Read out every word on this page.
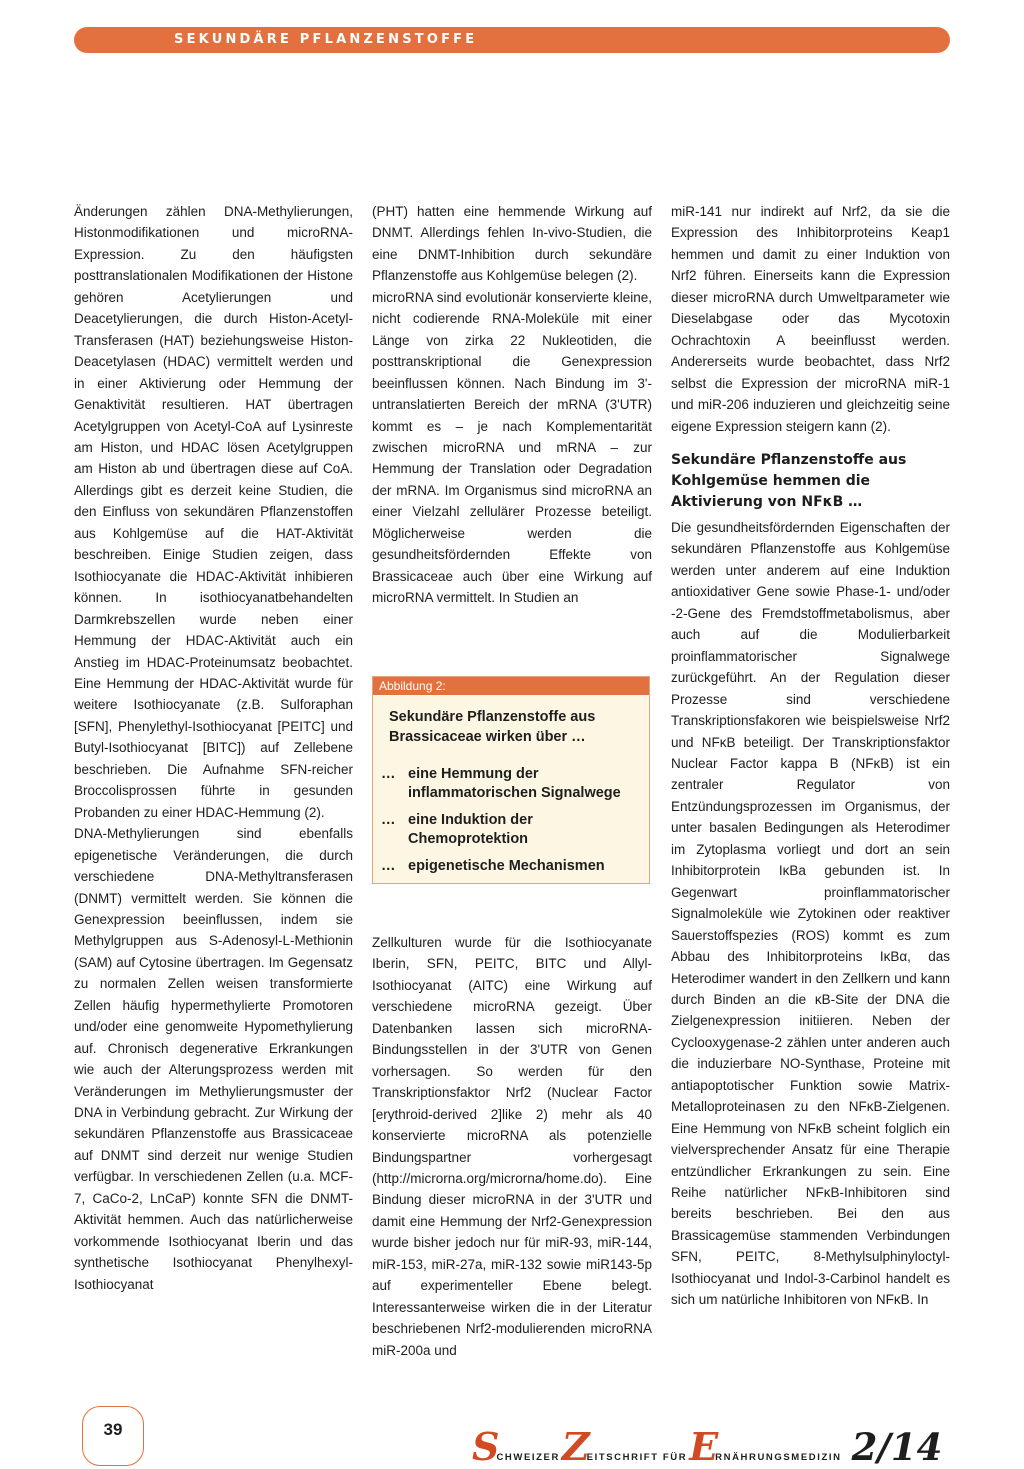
SEKUNDÄRE PFLANZENSTOFFE

Änderungen zählen DNA-Methylierungen, Histonmodifikationen und microRNA-Expression. Zu den häufigsten posttranslationalen Modifikationen der Histone gehören Acetylierungen und Deacetylierungen, die durch Histon-Acetyl-Transferasen (HAT) beziehungsweise Histon-Deacetylasen (HDAC) vermittelt werden und in einer Aktivierung oder Hemmung der Genaktivität resultieren. HAT übertragen Acetylgruppen von Acetyl-CoA auf Lysinreste am Histon, und HDAC lösen Acetylgruppen am Histon ab und übertragen diese auf CoA. Allerdings gibt es derzeit keine Studien, die den Einfluss von sekundären Pflanzenstoffen aus Kohlgemüse auf die HAT-Aktivität beschreiben. Einige Studien zeigen, dass Isothiocyanate die HDAC-Aktivität inhibieren können. In isothiocyanatbehandelten Darmkrebszellen wurde neben einer Hemmung der HDAC-Aktivität auch ein Anstieg im HDAC-Proteinumsatz beobachtet. Eine Hemmung der HDAC-Aktivität wurde für weitere Isothiocyanate (z.B. Sulforaphan [SFN], Phenylethyl-Isothiocyanat [PEITC] und Butyl-Isothiocyanat [BITC]) auf Zellebene beschrieben. Die Aufnahme SFN-reicher Broccolisprossen führte in gesunden Probanden zu einer HDAC-Hemmung (2).

DNA-Methylierungen sind ebenfalls epigenetische Veränderungen, die durch verschiedene DNA-Methyltransferasen (DNMT) vermittelt werden. Sie können die Genexpression beeinflussen, indem sie Methylgruppen aus S-Adenosyl-L-Methionin (SAM) auf Cytosine übertragen. Im Gegensatz zu normalen Zellen weisen transformierte Zellen häufig hypermethylierte Promotoren und/oder eine genomweite Hypomethylierung auf. Chronisch degenerative Erkrankungen wie auch der Alterungsprozess werden mit Veränderungen im Methylierungsmuster der DNA in Verbindung gebracht. Zur Wirkung der sekundären Pflanzenstoffe aus Brassicaceae auf DNMT sind derzeit nur wenige Studien verfügbar. In verschiedenen Zellen (u.a. MCF-7, CaCo-2, LnCaP) konnte SFN die DNMT-Aktivität hemmen. Auch das natürlicherweise vorkommende Isothiocyanat Iberin und das synthetische Isothiocyanat Phenylhexyl-Isothiocyanat

(PHT) hatten eine hemmende Wirkung auf DNMT. Allerdings fehlen In-vivo-Studien, die eine DNMT-Inhibition durch sekundäre Pflanzenstoffe aus Kohlgemüse belegen (2).

microRNA sind evolutionär konservierte kleine, nicht codierende RNA-Moleküle mit einer Länge von zirka 22 Nukleotiden, die posttranskriptional die Genexpression beeinflussen können. Nach Bindung im 3'-untranslatierten Bereich der mRNA (3'UTR) kommt es – je nach Komplementarität zwischen microRNA und mRNA – zur Hemmung der Translation oder Degradation der mRNA. Im Organismus sind microRNA an einer Vielzahl zellulärer Prozesse beteiligt. Möglicherweise werden die gesundheitsfördernden Effekte von Brassicaceae auch über eine Wirkung auf microRNA vermittelt. In Studien an

Abbildung 2:
Sekundäre Pflanzenstoffe aus Brassicaceae wirken über …
… eine Hemmung der inflammatorischen Signalwege
… eine Induktion der Chemoprotektion
… epigenetische Mechanismen

Zellkulturen wurde für die Isothiocyanate Iberin, SFN, PEITC, BITC und Allyl-Isothiocyanat (AITC) eine Wirkung auf verschiedene microRNA gezeigt. Über Datenbanken lassen sich microRNA-Bindungsstellen in der 3'UTR von Genen vorhersagen. So werden für den Transkriptionsfaktor Nrf2 (Nuclear Factor [erythroid-derived 2]like 2) mehr als 40 konservierte microRNA als potenzielle Bindungspartner vorhergesagt (http://microrna.org/microrna/home.do). Eine Bindung dieser microRNA in der 3'UTR und damit eine Hemmung der Nrf2-Genexpression wurde bisher jedoch nur für miR-93, miR-144, miR-153, miR-27a, miR-132 sowie miR143-5p auf experimenteller Ebene belegt. Interessanterweise wirken die in der Literatur beschriebenen Nrf2-modulierenden microRNA miR-200a und

miR-141 nur indirekt auf Nrf2, da sie die Expression des Inhibitorproteins Keap1 hemmen und damit zu einer Induktion von Nrf2 führen. Einerseits kann die Expression dieser microRNA durch Umweltparameter wie Dieselabgase oder das Mycotoxin Ochrachtoxin A beeinflusst werden. Andererseits wurde beobachtet, dass Nrf2 selbst die Expression der microRNA miR-1 und miR-206 induzieren und gleichzeitig seine eigene Expression steigern kann (2).

Sekundäre Pflanzenstoffe aus Kohlgemüse hemmen die Aktivierung von NFκB …

Die gesundheitsfördernden Eigenschaften der sekundären Pflanzenstoffe aus Kohlgemüse werden unter anderem auf eine Induktion antioxidativer Gene sowie Phase-1- und/oder -2-Gene des Fremdstoffmetabolismus, aber auch auf die Modulierbarkeit proinflammatorischer Signalwege zurückgeführt. An der Regulation dieser Prozesse sind verschiedene Transkriptionsfakoren wie beispielsweise Nrf2 und NFκB beteiligt. Der Transkriptionsfaktor Nuclear Factor kappa B (NFκB) ist ein zentraler Regulator von Entzündungsprozessen im Organismus, der unter basalen Bedingungen als Heterodimer im Zytoplasma vorliegt und dort an sein Inhibitorprotein IκBa gebunden ist. In Gegenwart proinflammatorischer Signalmoleküle wie Zytokinen oder reaktiver Sauerstoffspezies (ROS) kommt es zum Abbau des Inhibitorproteins IκBα, das Heterodimer wandert in den Zellkern und kann durch Binden an die κB-Site der DNA die Zielgenexpression initiieren. Neben der Cyclooxygenase-2 zählen unter anderen auch die induzierbare NO-Synthase, Proteine mit antiapoptotischer Funktion sowie Matrix-Metalloproteinasen zu den NFκB-Zielgenen. Eine Hemmung von NFκB scheint folglich ein vielversprechender Ansatz für eine Therapie entzündlicher Erkrankungen zu sein. Eine Reihe natürlicher NFκB-Inhibitoren sind bereits beschrieben. Bei den aus Brassicagemüse stammenden Verbindungen SFN, PEITC, 8-Methylsulphinyloctyl-Isothiocyanat und Indol-3-Carbinol handelt es sich um natürliche Inhibitoren von NFκB. In

39	SCHWEIZERZEITSCHRIFT FÜRERNÄHRUNGSMEDIZIN 2/14
